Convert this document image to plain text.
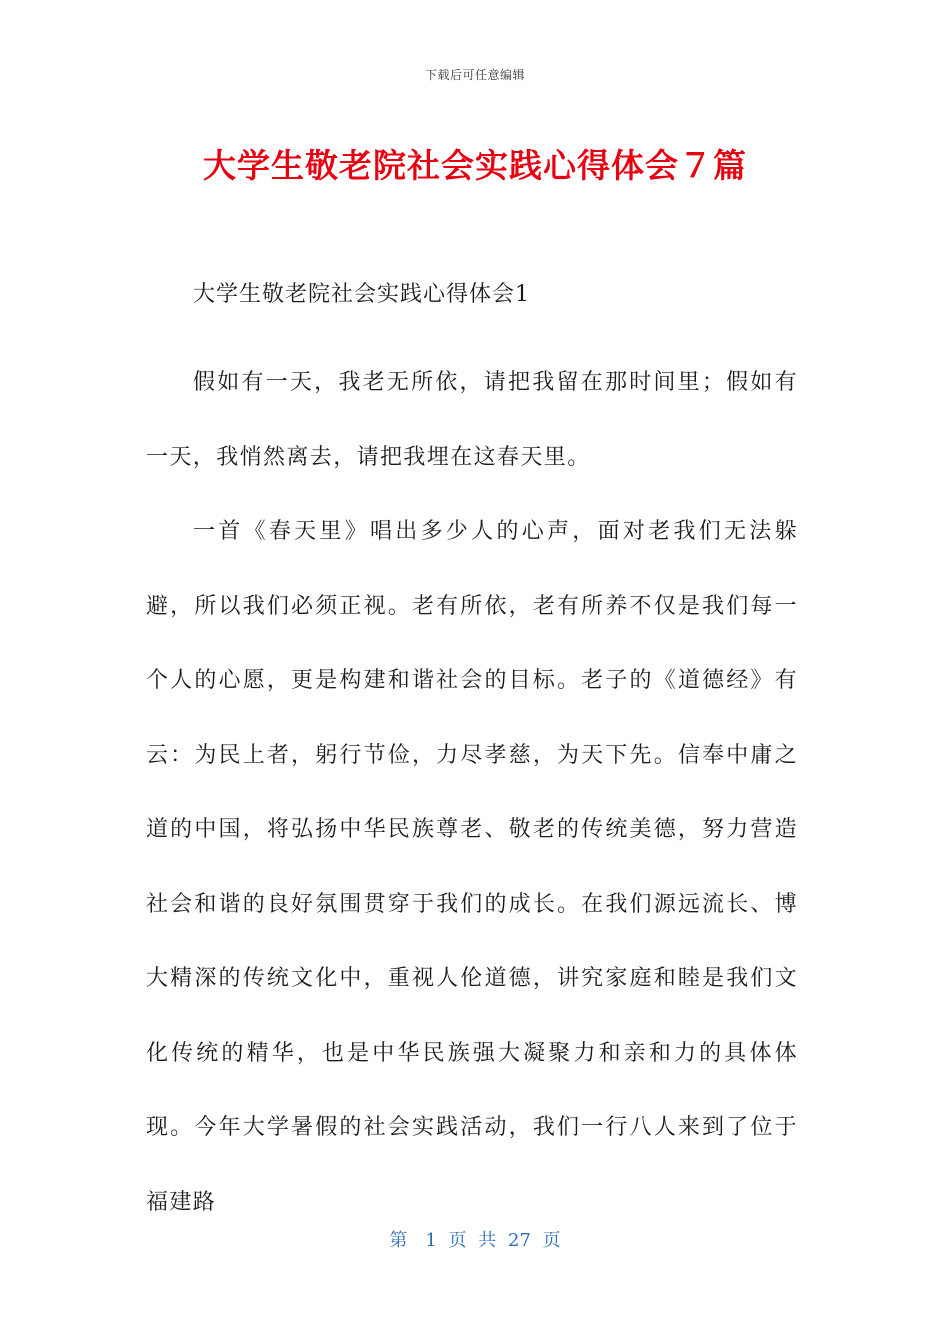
下载后可任意编辑
大学生敬老院社会实践心得体会７篇

大学生敬老院社会实践心得体会1

假如有一天，我老无所依，请把我留在那时间里；假如有一天，我悄然离去，请把我埋在这春天里。

一首《春天里》唱出多少人的心声，面对老我们无法躲避，所以我们必须正视。老有所依，老有所养不仅是我们每一个人的心愿，更是构建和谐社会的目标。老子的《道德经》有云：为民上者，躬行节俭，力尽孝慈，为天下先。信奉中庸之道的中国，将弘扬中华民族尊老、敬老的传统美德，努力营造社会和谐的良好氛围贯穿于我们的成长。在我们源远流长、博大精深的传统文化中，重视人伦道德，讲究家庭和睦是我们文化传统的精华，也是中华民族强大凝聚力和亲和力的具体体现。今年大学暑假的社会实践活动，我们一行八人来到了位于福建路

第　1 页 共 27 页
